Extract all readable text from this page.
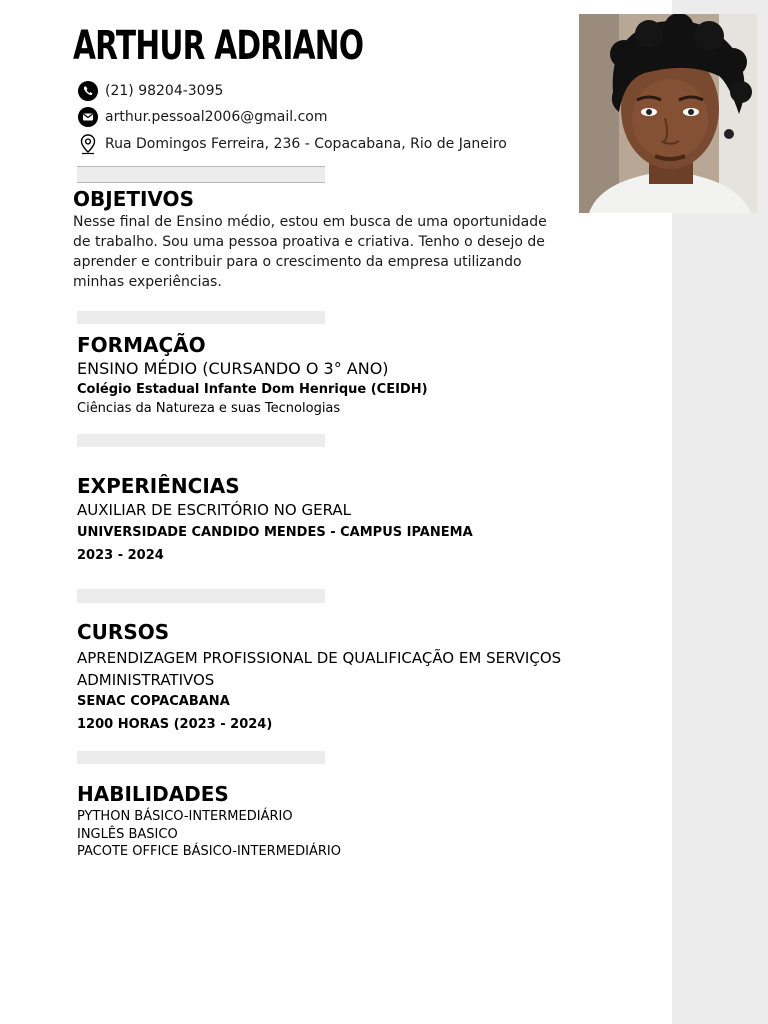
ARTHUR ADRIANO
(21) 98204-3095
arthur.pessoal2006@gmail.com
Rua Domingos Ferreira, 236 - Copacabana, Rio de Janeiro
OBJETIVOS

Nesse final de Ensino médio, estou em busca de uma oportunidade de trabalho. Sou uma pessoa proativa e criativa. Tenho o desejo de aprender e contribuir para o crescimento da empresa utilizando minhas experiências.

FORMAÇÃO

ENSINO MÉDIO (CURSANDO O 3° ANO)

Colégio Estadual Infante Dom Henrique (CEIDH)

Ciências da Natureza e suas Tecnologias

EXPERIÊNCIAS

AUXILIAR DE ESCRITÓRIO NO GERAL

UNIVERSIDADE CANDIDO MENDES - CAMPUS IPANEMA

2023 - 2024

CURSOS

APRENDIZAGEM PROFISSIONAL DE QUALIFICAÇÃO EM SERVIÇOS ADMINISTRATIVOS

SENAC COPACABANA

1200 HORAS (2023 - 2024)

HABILIDADES

PYTHON BÁSICO-INTERMEDIÁRIO

INGLÊS BASICO

PACOTE OFFICE BÁSICO-INTERMEDIÁRIO
